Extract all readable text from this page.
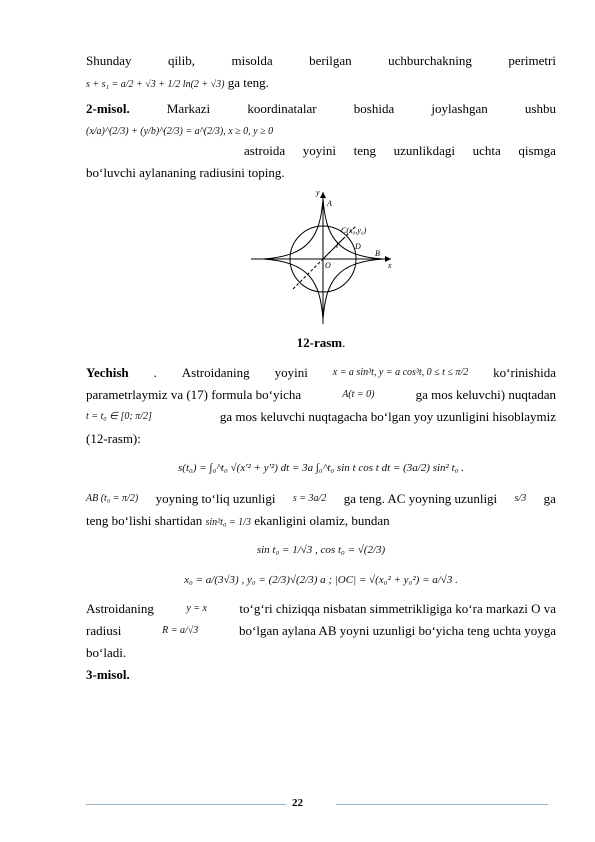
Shunday	qilib,	misolda	berilgan	uchburchakning	perimetri
s + s₁ = a/2 + √3 + 1/2 ln(2 + √3) ga teng.
2-misol.	Markazi	koordinatalar	boshida	joylashgan	ushbu
(x/a)^(2/3) + (y/b)^(2/3) = a^(2/3), x ≥ 0, y ≥ 0
astroida yoyini teng uzunlikdagi uchta qismga
bo‘luvchi aylananing radiusini toping.
y
x
A
B
C(x₀,y₀)
D
O
l
12-rasm.
Yechish . Astroidaning yoyini x = a sin³t, y = a cos³t, 0 ≤ t ≤ π/2 ko‘rinishida
parametrlaymiz va (17) formula bo‘yicha	A(t = 0)	ga mos keluvchi) nuqtadan
t = t₀ ∈ [0; π/2]	ga mos keluvchi nuqtagacha bo‘lgan yoy uzunligini hisoblaymiz
(12-rasm):
s(t₀) = ∫₀^t₀ √(x'² + y'²) dt = 3a ∫₀^t₀ sin t cos t dt = (3a/2) sin² t₀ .
AB (t₀ = π/2) yoyning to‘liq uzunligi s = 3a/2 ga teng. AC yoyning uzunligi s/3 ga
teng bo‘lishi shartidan sin²t₀ = 1/3 ekanligini olamiz, bundan
sin t₀ = 1/√3 , cos t₀ = √(2/3)
x₀ = a/(3√3) , y₀ = (2/3)√(2/3) a ; |OC| = √(x₀² + y₀²) = a/√3 .
Astroidaning	y = x to‘g‘ri chiziqqa nisbatan simmetrikligiga ko‘ra markazi O va
radiusi	R = a/√3	bo‘lgan aylana AB yoyni uzunligi bo‘yicha teng uchta yoyga
bo‘ladi.
3-misol.
22
